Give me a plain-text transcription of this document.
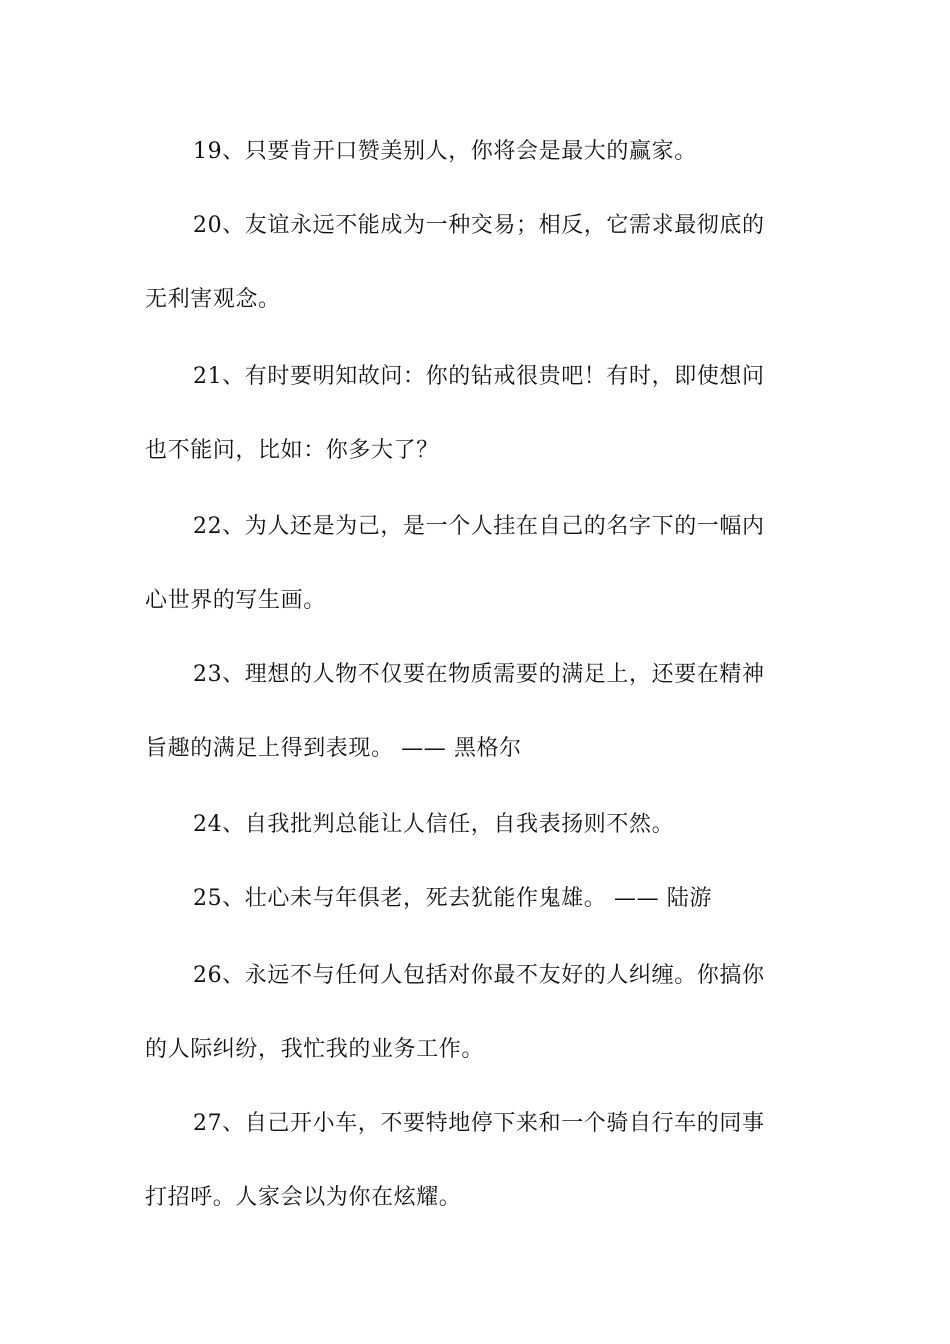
19、只要肯开口赞美别人，你将会是最大的赢家。
20、友谊永远不能成为一种交易；相反，它需求最彻底的
无利害观念。
21、有时要明知故问：你的钻戒很贵吧！有时，即使想问
也不能问，比如：你多大了？
22、为人还是为己，是一个人挂在自己的名字下的一幅内
心世界的写生画。
23、理想的人物不仅要在物质需要的满足上，还要在精神
旨趣的满足上得到表现。 —— 黑格尔
24、自我批判总能让人信任，自我表扬则不然。
25、壮心未与年俱老，死去犹能作鬼雄。 —— 陆游
26、永远不与任何人包括对你最不友好的人纠缠。你搞你
的人际纠纷，我忙我的业务工作。
27、自己开小车，不要特地停下来和一个骑自行车的同事
打招呼。人家会以为你在炫耀。
